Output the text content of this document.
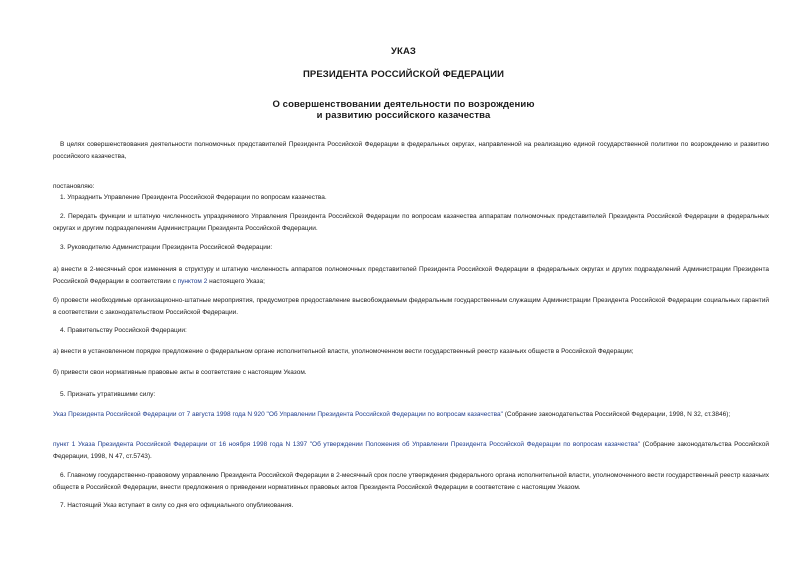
УКАЗ
ПРЕЗИДЕНТА РОССИЙСКОЙ ФЕДЕРАЦИИ
О совершенствовании деятельности по возрождению
и развитию российского казачества
В целях совершенствования деятельности полномочных представителей Президента Российской Федерации в федеральных округах, направленной на реализацию единой государственной политики по возрождению и развитию российского казачества,
постановляю:
1. Упразднить Управление Президента Российской Федерации по вопросам казачества.
2. Передать функции и штатную численность упраздняемого Управления Президента Российской Федерации по вопросам казачества аппаратам полномочных представителей Президента Российской Федерации в федеральных округах и другим подразделениям Администрации Президента Российской Федерации.
3. Руководителю Администрации Президента Российской Федерации:
а) внести в 2-месячный срок изменения в структуру и штатную численность аппаратов полномочных представителей Президента Российской Федерации в федеральных округах и других подразделений Администрации Президента Российской Федерации в соответствии с пунктом 2 настоящего Указа;
б) провести необходимые организационно-штатные мероприятия, предусмотрев предоставление высвобождаемым федеральным государственным служащим Администрации Президента Российской Федерации социальных гарантий в соответствии с законодательством Российской Федерации.
4. Правительству Российской Федерации:
а) внести в установленном порядке предложение о федеральном органе исполнительной власти, уполномоченном вести государственный реестр казачьих обществ в Российской Федерации;
б) привести свои нормативные правовые акты в соответствие с настоящим Указом.
5. Признать утратившими силу:
Указ Президента Российской Федерации от 7 августа 1998 года N 920 "Об Управлении Президента Российской Федерации по вопросам казачества" (Собрание законодательства Российской Федерации, 1998, N 32, ст.3846);
пункт 1 Указа Президента Российской Федерации от 16 ноября 1998 года N 1397 "Об утверждении Положения об Управлении Президента Российской Федерации по вопросам казачества" (Собрание законодательства Российской Федерации, 1998, N 47, ст.5743).
6. Главному государственно-правовому управлению Президента Российской Федерации в 2-месячный срок после утверждения федерального органа исполнительной власти, уполномоченного вести государственный реестр казачьих обществ в Российской Федерации, внести предложения о приведении нормативных правовых актов Президента Российской Федерации в соответствие с настоящим Указом.
7. Настоящий Указ вступает в силу со дня его официального опубликования.
